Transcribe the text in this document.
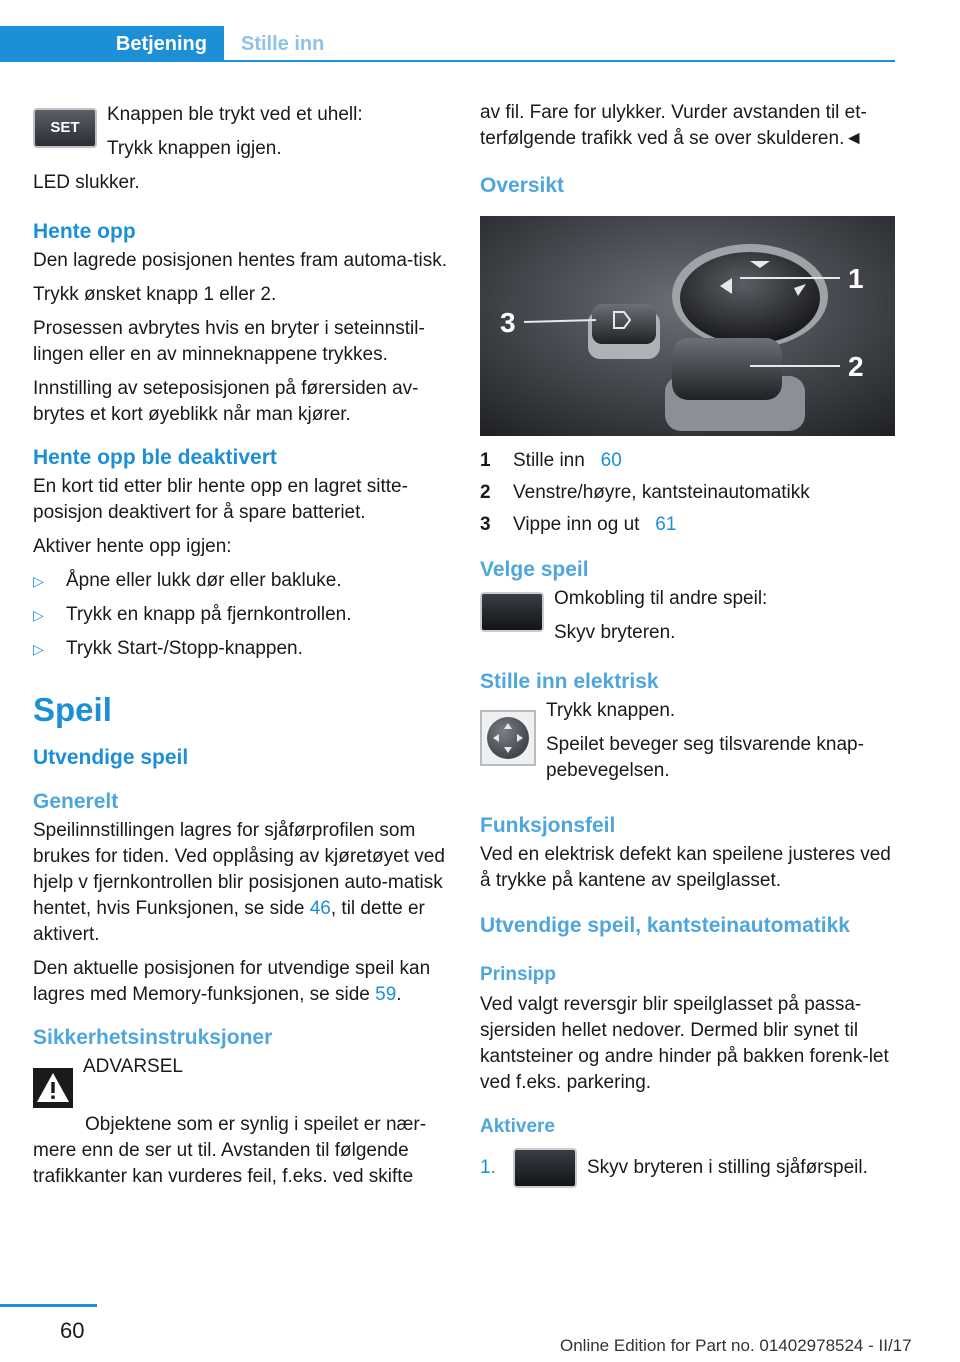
Betjening	Stille inn
SET

Knappen ble trykt ved et uhell:

Trykk knappen igjen.

LED slukker.

Hente opp

Den lagrede posisjonen hentes fram automa-tisk.

Trykk ønsket knapp 1 eller 2.

Prosessen avbrytes hvis en bryter i seteinnstil-lingen eller en av minneknappene trykkes.

Innstilling av seteposisjonen på førersiden av-brytes et kort øyeblikk når man kjører.

Hente opp ble deaktivert

En kort tid etter blir hente opp en lagret sitte-posisjon deaktivert for å spare batteriet.

Aktiver hente opp igjen:

▷	Åpne eller lukk dør eller bakluke.
▷	Trykk en knapp på fjernkontrollen.
▷	Trykk Start-/Stopp-knappen.
Speil
Utvendige speil
Generelt

Speilinnstillingen lagres for sjåførprofilen som brukes for tiden. Ved opplåsing av kjøretøyet ved hjelp v fjernkontrollen blir posisjonen auto-matisk hentet, hvis Funksjonen, se side 46, til dette er aktivert.

Den aktuelle posisjonen for utvendige speil kan lagres med Memory-funksjonen, se side 59.

Sikkerhetsinstruksjoner

ADVARSEL

Objektene som er synlig i speilet er nær-mere enn de ser ut til. Avstanden til følgende trafikkanter kan vurderes feil, f.eks. ved skifte

av fil. Fare for ulykker. Vurder avstanden til et-terfølgende trafikk ved å se over skulderen.◄

Oversikt
1
2
3
1	Stille inn 60
2	Venstre/høyre, kantsteinautomatikk
3	Vippe inn og ut 61
Velge speil

Omkobling til andre speil:

Skyv bryteren.

Stille inn elektrisk

Trykk knappen.

Speilet beveger seg tilsvarende knap-pebevegelsen.

Funksjonsfeil

Ved en elektrisk defekt kan speilene justeres ved å trykke på kantene av speilglasset.

Utvendige speil, kantsteinautomatikk
Prinsipp

Ved valgt reversgir blir speilglasset på passa-sjersiden hellet nedover. Dermed blir synet til kantsteiner og andre hinder på bakken forenk-let ved f.eks. parkering.

Aktivere
1.	Skyv bryteren i stilling sjåførspeil.
60
Online Edition for Part no. 01402978524 - II/17
